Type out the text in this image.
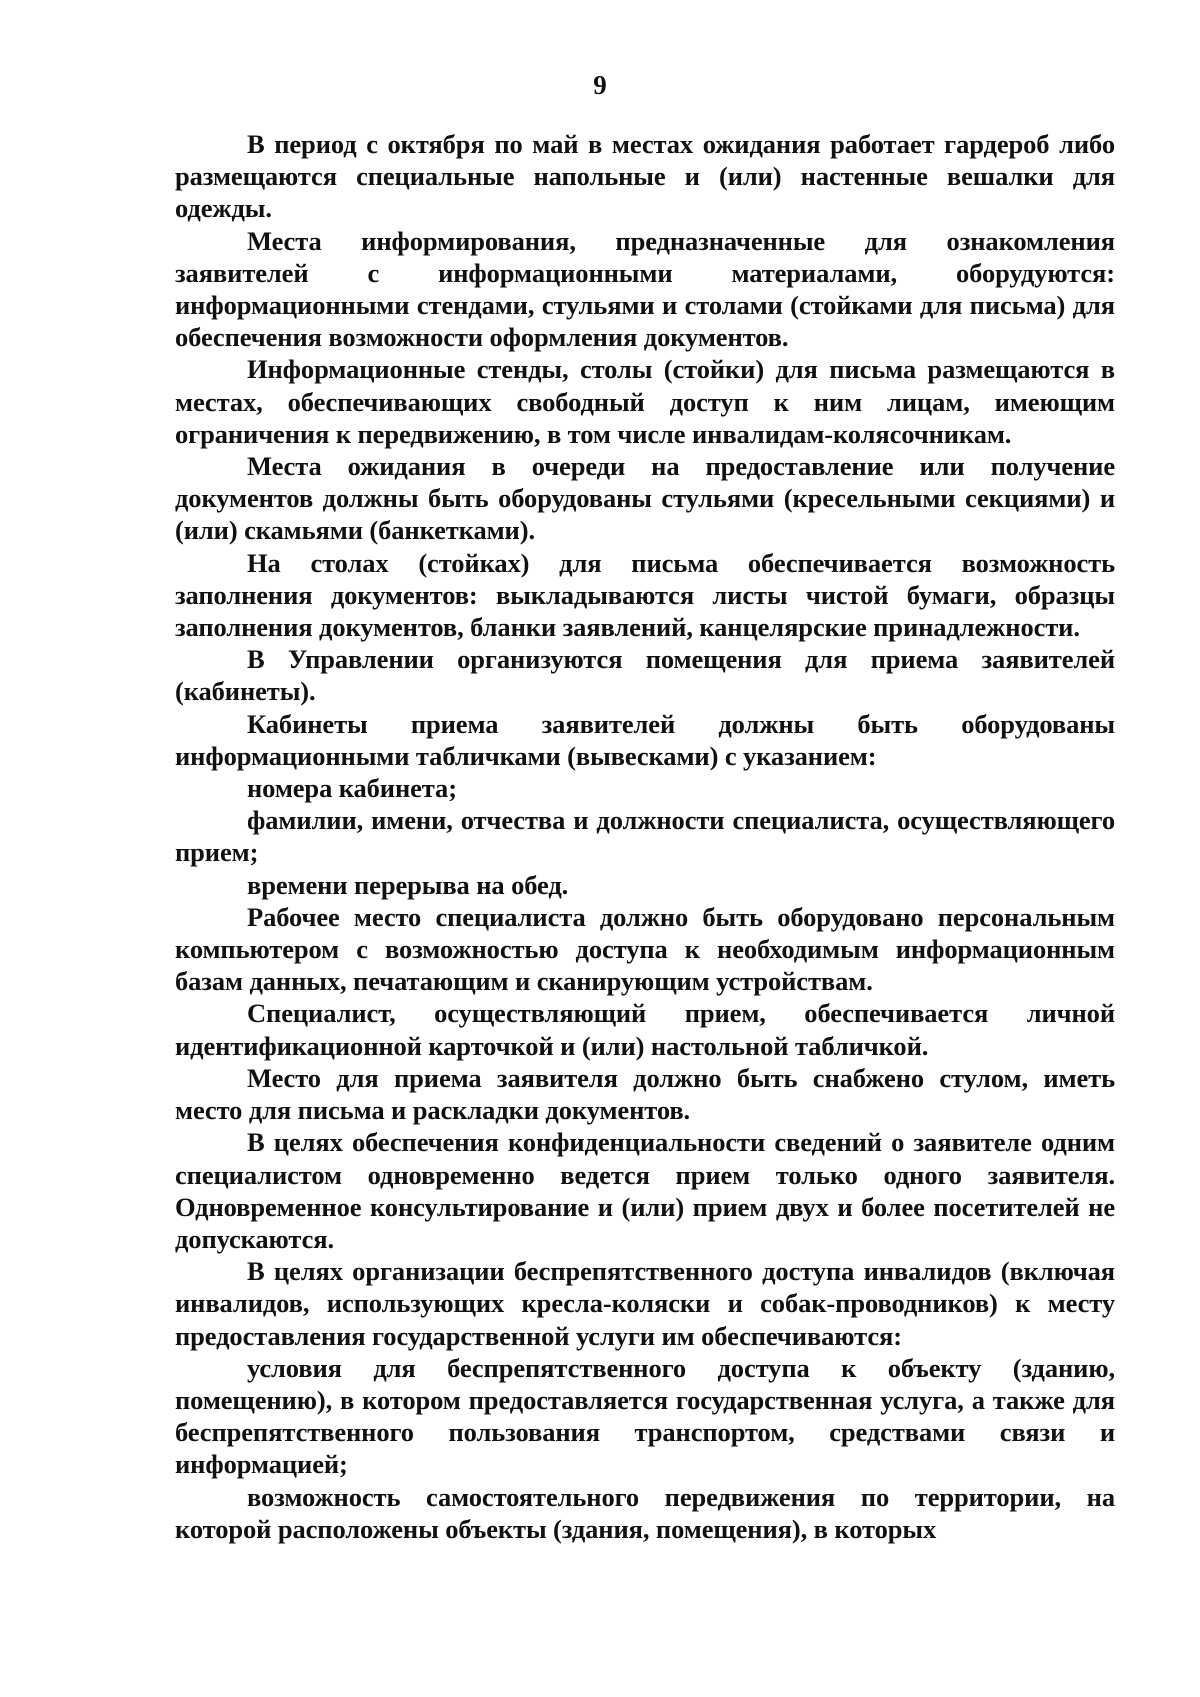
9

В период с октября по май в местах ожидания работает гардероб либо размещаются специальные напольные и (или) настенные вешалки для одежды.

Места информирования, предназначенные для ознакомления заявителей с информационными материалами, оборудуются: информационными стендами, стульями и столами (стойками для письма) для обеспечения возможности оформления документов.

Информационные стенды, столы (стойки) для письма размещаются в местах, обеспечивающих свободный доступ к ним лицам, имеющим ограничения к передвижению, в том числе инвалидам-колясочникам.

Места ожидания в очереди на предоставление или получение документов должны быть оборудованы стульями (кресельными секциями) и (или) скамьями (банкетками).

На столах (стойках) для письма обеспечивается возможность заполнения документов: выкладываются листы чистой бумаги, образцы заполнения документов, бланки заявлений, канцелярские принадлежности.

В Управлении организуются помещения для приема заявителей (кабинеты).

Кабинеты приема заявителей должны быть оборудованы информационными табличками (вывесками) с указанием:

номера кабинета;

фамилии, имени, отчества и должности специалиста, осуществляющего прием;

времени перерыва на обед.

Рабочее место специалиста должно быть оборудовано персональным компьютером с возможностью доступа к необходимым информационным базам данных, печатающим и сканирующим устройствам.

Специалист, осуществляющий прием, обеспечивается личной идентификационной карточкой и (или) настольной табличкой.

Место для приема заявителя должно быть снабжено стулом, иметь место для письма и раскладки документов.

В целях обеспечения конфиденциальности сведений о заявителе одним специалистом одновременно ведется прием только одного заявителя. Одновременное консультирование и (или) прием двух и более посетителей не допускаются.

В целях организации беспрепятственного доступа инвалидов (включая инвалидов, использующих кресла-коляски и собак-проводников) к месту предоставления государственной услуги им обеспечиваются:

условия для беспрепятственного доступа к объекту (зданию, помещению), в котором предоставляется государственная услуга, а также для беспрепятственного пользования транспортом, средствами связи и информацией;

возможность самостоятельного передвижения по территории, на которой расположены объекты (здания, помещения), в которых
